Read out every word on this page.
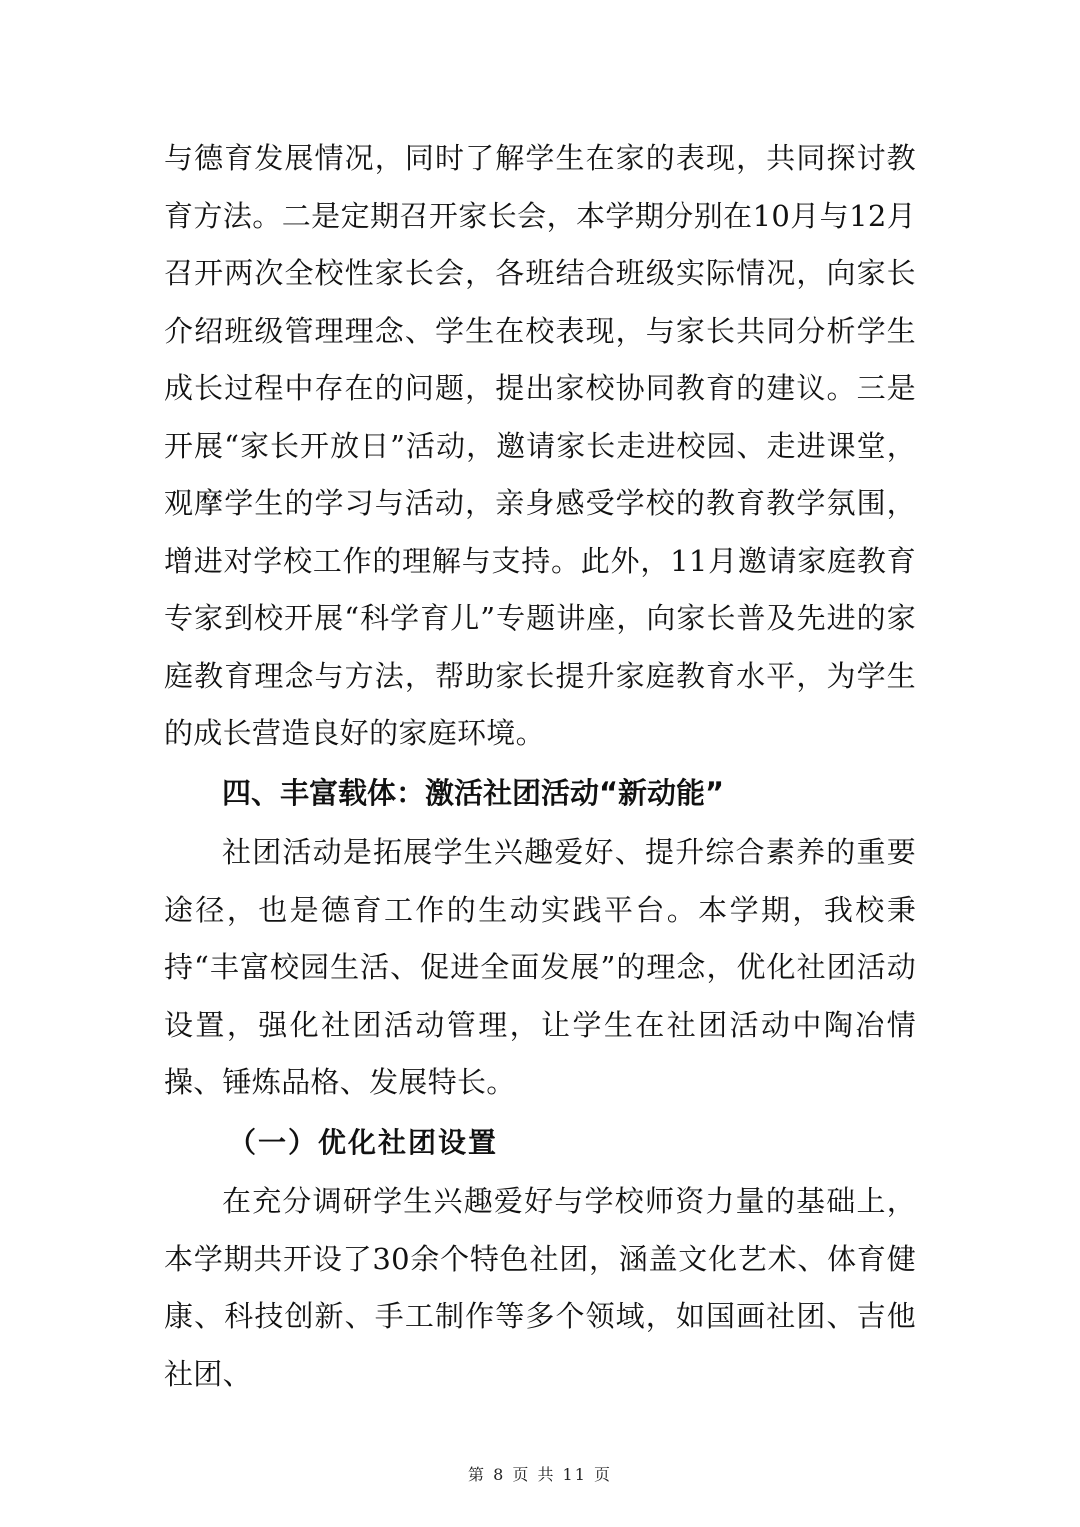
与德育发展情况，同时了解学生在家的表现，共同探讨教育方法。二是定期召开家长会，本学期分别在10月与12月召开两次全校性家长会，各班结合班级实际情况，向家长介绍班级管理理念、学生在校表现，与家长共同分析学生成长过程中存在的问题，提出家校协同教育的建议。三是开展“家长开放日”活动，邀请家长走进校园、走进课堂，观摩学生的学习与活动，亲身感受学校的教育教学氛围，增进对学校工作的理解与支持。此外，11月邀请家庭教育专家到校开展“科学育儿”专题讲座，向家长普及先进的家庭教育理念与方法，帮助家长提升家庭教育水平，为学生的成长营造良好的家庭环境。

四、丰富载体：激活社团活动“新动能”

社团活动是拓展学生兴趣爱好、提升综合素养的重要途径，也是德育工作的生动实践平台。本学期，我校秉持“丰富校园生活、促进全面发展”的理念，优化社团活动设置，强化社团活动管理，让学生在社团活动中陶冶情操、锤炼品格、发展特长。

（一）优化社团设置

在充分调研学生兴趣爱好与学校师资力量的基础上，本学期共开设了30余个特色社团，涵盖文化艺术、体育健康、科技创新、手工制作等多个领域，如国画社团、吉他社团、

第 8 页 共 11 页
